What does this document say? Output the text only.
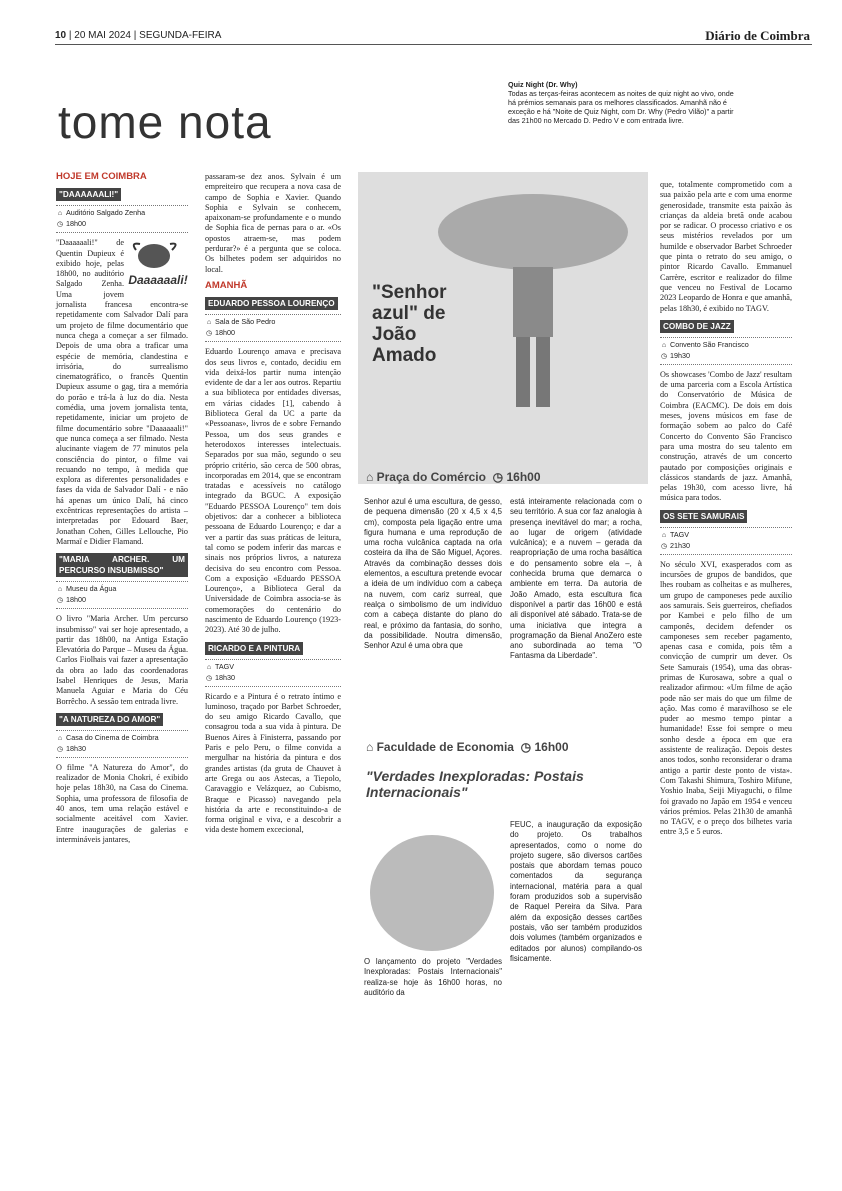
10 | 20 MAI 2024 | SEGUNDA-FEIRA	Diário de Coimbra
tome nota
Quiz Night (Dr. Why)
Todas as terças-feiras acontecem as noites de quiz night ao vivo, onde há prémios semanais para os melhores classificados. Amanhã não é exceção e há "Noite de Quiz Night, com Dr. Why (Pedro Vilão)" a partir das 21h00 no Mercado D. Pedro V e com entrada livre.
HOJE EM COIMBRA
"DAAAAAALI!"
⌂ Auditório Salgado Zenha
◷ 18h00
Daaaaaali!

"Daaaaaali!" de Quentin Dupieux é exibido hoje, pelas 18h00, no auditório Salgado Zenha. Uma jovem jornalista francesa encontra-se repetidamente com Salvador Dalí para um projeto de filme documentário que nunca chega a começar a ser filmado. Depois de uma obra a traficar uma espécie de memória, clandestina e irrisória, do surrealismo cinematográfico, o francês Quentin Dupieux assume o gag, tira a memória do porão e trá-la à luz do dia. Nesta comédia, uma jovem jornalista tenta, repetidamente, iniciar um projeto de filme documentário sobre "Daaaaaali!" que nunca começa a ser filmado. Nesta alucinante viagem de 77 minutos pela consciência do pintor, o filme vai recuando no tempo, à medida que explora as diferentes personalidades e fases da vida de Salvador Dalí - e não há apenas um único Dalí, há cinco excêntricas representações do artista – interpretadas por Edouard Baer, Jonathan Cohen, Gilles Lellouche, Pio Marmaï e Didier Flamand.

"MARIA ARCHER. UM PERCURSO INSUBMISSO"
⌂ Museu da Água
◷ 18h00

O livro "Maria Archer. Um percurso insubmisso" vai ser hoje apresentado, a partir das 18h00, na Antiga Estação Elevatória do Parque – Museu da Água. Carlos Fiolhais vai fazer a apresentação da obra ao lado das coordenadoras Isabel Henriques de Jesus, Maria Manuela Aguiar e Maria do Céu Borrêcho. A sessão tem entrada livre.

"A NATUREZA DO AMOR"
⌂ Casa do Cinema de Coimbra
◷ 18h30

O filme "A Natureza do Amor", do realizador de Monia Chokri, é exibido hoje pelas 18h30, na Casa do Cinema. Sophia, uma professora de filosofia de 40 anos, tem uma relação estável e socialmente aceitável com Xavier. Entre inaugurações de galerias e intermináveis jantares,

passaram-se dez anos. Sylvain é um empreiteiro que recupera a nova casa de campo de Sophia e Xavier. Quando Sophia e Sylvain se conhecem, apaixonam-se profundamente e o mundo de Sophia fica de pernas para o ar. «Os opostos atraem-se, mas podem perdurar?» é a pergunta que se coloca. Os bilhetes podem ser adquiridos no local.

AMANHÃ
EDUARDO PESSOA LOURENÇO
⌂ Sala de São Pedro
◷ 18h00

Eduardo Lourenço amava e precisava dos seus livros e, contado, decidiu em vida deixá-los partir numa intenção evidente de dar a ler aos outros. Repartiu a sua biblioteca por entidades diversas, em várias cidades [1], cabendo à Biblioteca Geral da UC a parte da «Pessoanas», livros de e sobre Fernando Pessoa, um dos seus grandes e heterodoxos interesses intelectuais. Separados por sua mão, segundo o seu próprio critério, são cerca de 500 obras, incorporadas em 2014, que se encontram tratadas e acessíveis no catálogo integrado da BGUC. A exposição "Eduardo PESSOA Lourenço" tem dois objetivos: dar a conhecer a biblioteca pessoana de Eduardo Lourenço; e dar a ver a partir das suas práticas de leitura, tal como se podem inferir das marcas e sinais nos próprios livros, a natureza decisiva do seu encontro com Pessoa. Com a exposição «Eduardo PESSOA Lourenço», a Biblioteca Geral da Universidade de Coimbra associa-se às comemorações do centenário do nascimento de Eduardo Lourenço (1923-2023). Até 30 de julho.

RICARDO E A PINTURA
⌂ TAGV
◷ 18h30

Ricardo e a Pintura é o retrato íntimo e luminoso, traçado por Barbet Schroeder, do seu amigo Ricardo Cavallo, que consagrou toda a sua vida à pintura. De Buenos Aires à Finisterra, passando por Paris e pelo Peru, o filme convida a mergulhar na história da pintura e dos grandes artistas (da gruta de Chauvet à arte Grega ou aos Astecas, a Tiepolo, Caravaggio e Velázquez, ao Cubismo, Braque e Picasso) navegando pela história da arte e reconstituindo-a de forma original e viva, e a descobrir a vida deste homem excecional,

"Senhor azul" de João Amado
⌂ Praça do Comércio ◷ 16h00
Senhor azul é uma escultura, de gesso, de pequena dimensão (20 x 4,5 x 4,5 cm), composta pela ligação entre uma figura humana e uma reprodução de uma rocha vulcânica captada na orla costeira da ilha de São Miguel, Açores. Através da combinação desses dois elementos, a escultura pretende evocar a ideia de um indivíduo com a cabeça na nuvem, com cariz surreal, que realça o simbolismo de um indivíduo com a cabeça distante do plano do real, e próximo da fantasia, do sonho, da possibilidade. Noutra dimensão, Senhor Azul é uma obra que
está inteiramente relacionada com o seu território. A sua cor faz analogia à presença inevitável do mar; a rocha, ao lugar de origem (atividade vulcânica); e a nuvem – gerada da reapropriação de uma rocha basáltica e do pensamento sobre ela –, à conhecida bruma que demarca o ambiente em terra. Da autoria de João Amado, esta escultura fica disponível a partir das 16h00 e está ali disponível até sábado. Trata-se de uma iniciativa que integra a programação da Bienal AnoZero este ano subordinada ao tema "O Fantasma da Liberdade".
⌂ Faculdade de Economia ◷ 16h00
"Verdades Inexploradas: Postais Internacionais"
O lançamento do projeto "Verdades Inexploradas: Postais Internacionais" realiza-se hoje às 16h00 horas, no auditório da
FEUC, a inauguração da exposição do projeto. Os trabalhos apresentados, como o nome do projeto sugere, são diversos cartões postais que abordam temas pouco comentados da segurança internacional, matéria para a qual foram produzidos sob a supervisão de Raquel Pereira da Silva. Para além da exposição desses cartões postais, vão ser também produzidos dois volumes (também organizados e editados por alunos) compilando-os fisicamente.

que, totalmente comprometido com a sua paixão pela arte e com uma enorme generosidade, transmite esta paixão às crianças da aldeia bretã onde acabou por se radicar. O processo criativo e os seus mistérios revelados por um humilde e observador Barbet Schroeder que pinta o retrato do seu amigo, o pintor Ricardo Cavallo. Emmanuel Carrère, escritor e realizador do filme que venceu no Festival de Locarno 2023 Leopardo de Honra e que amanhã, pelas 18h30, é exibido no TAGV.

COMBO DE JAZZ
⌂ Convento São Francisco
◷ 19h30

Os showcases 'Combo de Jazz' resultam de uma parceria com a Escola Artística do Conservatório de Música de Coimbra (EACMC). De dois em dois meses, jovens músicos em fase de formação sobem ao palco do Café Concerto do Convento São Francisco para uma mostra do seu talento em construção, através de um concerto pautado por composições originais e clássicos standards de jazz. Amanhã, pelas 19h30, com acesso livre, há música para todos.

OS SETE SAMURAIS
⌂ TAGV
◷ 21h30

No século XVI, exasperados com as incursões de grupos de bandidos, que lhes roubam as colheitas e as mulheres, um grupo de camponeses pede auxílio aos samurais. Seis guerreiros, chefiados por Kambei e pelo filho de um camponês, decidem defender os camponeses sem receber pagamento, apenas casa e comida, pois têm a convicção de cumprir um dever. Os Sete Samurais (1954), uma das obras-primas de Kurosawa, sobre a qual o realizador afirmou: «Um filme de ação pode não ser mais do que um filme de ação. Mas como é maravilhoso se ele puder ao mesmo tempo pintar a humanidade! Esse foi sempre o meu sonho desde a época em que era assistente de realização. Depois destes anos todos, sonho reconsiderar o drama antigo a partir deste ponto de vista». Com Takashi Shimura, Toshiro Mifune, Yoshio Inaba, Seiji Miyaguchi, o filme foi gravado no Japão em 1954 e venceu vários prémios. Pelas 21h30 de amanhã no TAGV, e o preço dos bilhetes varia entre 3,5 e 5 euros.
